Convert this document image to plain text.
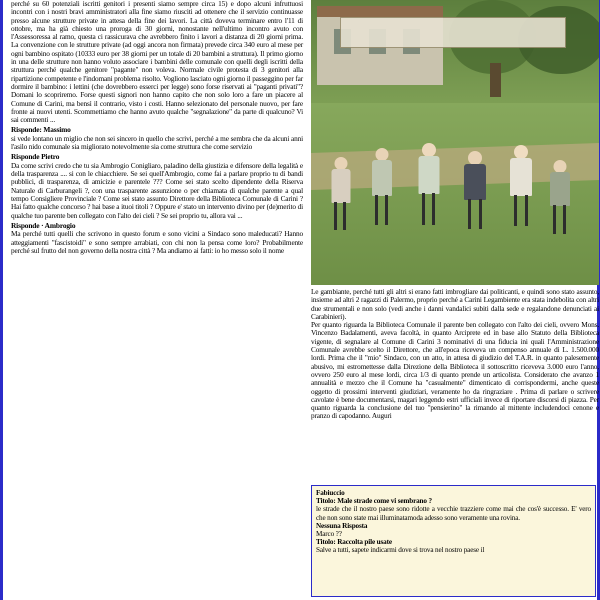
perché su 60 potenziali iscritti genitori i presenti siamo sempre circa 15) e dopo alcuni infruttuosi incontri con i nostri bravi amministratori alla fine siamo riusciti ad ottenere che il servizio continuasse presso alcune strutture private in attesa della fine dei lavori. La città doveva terminare entro l'11 di ottobre, ma ha già chiesto una proroga di 30 giorni, nonostante nell'ultimo incontro avuto con l'Assessoressa al ramo, questa ci rassicurava che avrebbero finito i lavori a distanza di 20 giorni prima. La convenzione con le strutture private (ad oggi ancora non firmata) prevede circa 340 euro al mese per ogni bambino ospitato (10333 euro per 38 giorni per un totale di 20 bambini a struttura). Il primo giorno in una delle strutture non hanno voluto associare i bambini delle comunale con quelli degli iscritti della struttura perché qualche genitore "pagante" non voleva. Normale civile protesta di 3 genitori alla ripartizione competente e l'indomani problema risolto. Vogliono lasciato ogni giorno il passeggino per far dormire il bambino: i lettini (che dovrebbero esserci per legge) sono forse riservati ai "paganti privati"? Domani lo scopriremo. Forse questi signori non hanno capito che non solo loro a fare un piacere al Comune di Carini, ma bensì il contrario, visto i costi. Hanno selezionato del personale nuovo, per fare fronte ai nuovi utenti. Scommettiamo che hanno avuto qualche "segnalazione" da parte di qualcuno? Vi sai commenti ...

Risponde: Massimo

si vede lontano un miglio che non sei sincero in quello che scrivi, perché a me sembra che da alcuni anni l'asilo nido comunale sia migliorato notevolmente sia come struttura che come servizio

Risponde Pietro

Da come scrivi credo che tu sia Ambrogio Conigliaro, paladino della giustizia e difensore della legalità e della trasparenza .... si con le chiacchiere. Se sei quell'Ambrogio, come fai a parlare proprio tu di bandi pubblici, di trasparenza, di amicizie e parentele ??? Come sei stato scelto dipendente della Riserva Naturale di Carburangeli ?, con una trasparente assunzione o per chiamata di qualche parente a qual tempo Consigliere Provinciale ? Come sei stato assunto Direttore della Biblioteca Comunale di Carini ? Hai fatto qualche concorso ? hai base a ituoi titoli ? Oppure e' stato un intervento divino per (de)merito di qualche tuo parente ben collegato con l'alto dei cieli ? Se sei proprio tu, allora vai ...

Risponde · Ambrogio

Ma perché tutti quelli che scrivono in questo forum e sono vicini a Sindaco sono maleducati? Hanno atteggiamenti "fascistoidi" e sono sempre arrabiati, con chi non la pensa come loro? Probabilmente perché sul frutto del non governo della nostra città ? Ma andiamo ai fatti: io ho messo solo il nome

Le gambiante, perché tutti gli altri si erano fatti imbrogliare dai politicanti, e quindi sono stato assunto, insieme ad altri 2 ragazzi di Palermo, proprio perché a Carini Legambiente era stata indebolita con altri due strumentali e non solo (vedi anche i danni vandalici subiti dalla sede e regalandone denunciati ai Carabinieri).

Per quanto riguarda la Biblioteca Comunale il parente ben collegato con l'alto dei cieli, ovvero Mons. Vincenzo Badalamenti, aveva facoltà, in quanto Arciprete ed in base allo Statuto della Biblioteca vigente, di segnalare al Comune di Carini 3 nominativi di una fiducia ini quali l'Amministrazione Comunale avrebbe scelto il Direttore, che all'epoca riceveva un compenso annuale di L. 1.500.000 lordi. Prima che il "mio" Sindaco, con un atto, in attesa di giudizio del T.A.R. in quanto palesemente abusivo, mi estromettesse dalla Direzione della Biblioteca il sottoscritto riceveva 3.000 euro l'anno, ovvero 250 euro al mese lordi, circa 1/3 di quanto prende un articolista. Considerato che avanzo 1 annualità e mezzo che il Comune ha "casualmente" dimenticato di corrispondermi, anche queste oggetto di prossimi interventi giudiziari, veramente ho da ringraziare . Prima di parlare o scrivere cavolate è bene documentarsi, magari leggendo estri ufficiali invece di riportare discorsi di piazza. Per quanto riguarda la conclusione del tuo "pensierino" la rimando al mittente includendoci cenone e pranzo di capodanno. Auguri

Fabiuccio

Titolo: Male strade come vi sembrano ?

le strade che il nostro paese sono ridotte a vecchie trazziere come mai che cos'è successo. E' vero che non sono state mai illuminatamoda adesso sono veramente una rovina.

Nessuna Risposta

Marco ??

Titolo: Raccolta pile usate

Salve a tutti, sapete indicarmi dove si trova nel nostro paese il
